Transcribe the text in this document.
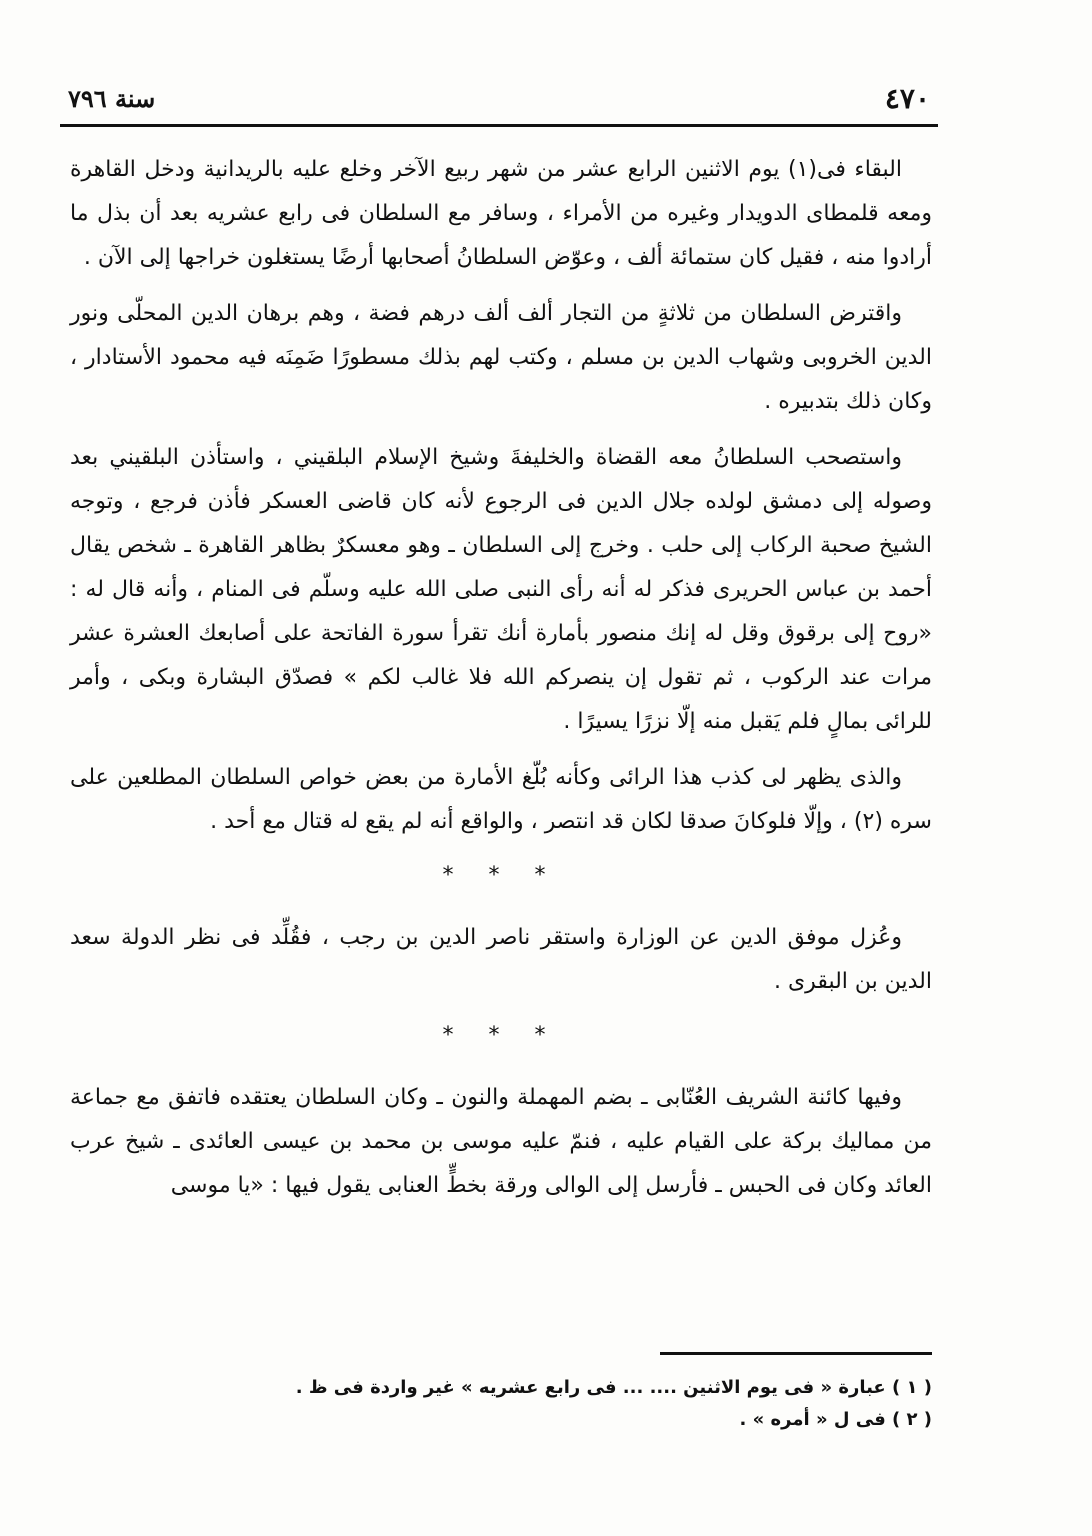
٤٧٠
سنة ٧٩٦

البقاء فى(١) يوم الاثنين الرابع عشر من شهر ربيع الآخر وخلع عليه بالريدانية ودخل القاهرة ومعه قلمطاى الدويدار وغيره من الأمراء ، وسافر مع السلطان فى رابع عشريه بعد أن بذل ما أرادوا منه ، فقيل كان ستمائة ألف ، وعوّض السلطانُ أصحابها أرضًا يستغلون خراجها إلى الآن .

واقترض السلطان من ثلاثةٍ من التجار ألف ألف درهم فضة ، وهم برهان الدين المحلّى ونور الدين الخروبى وشهاب الدين بن مسلم ، وكتب لهم بذلك مسطورًا ضَمِنَه فيه محمود الأستادار ، وكان ذلك بتدبيره .

واستصحب السلطانُ معه القضاة والخليفةَ وشيخ الإسلام البلقيني ، واستأذن البلقيني بعد وصوله إلى دمشق لولده جلال الدين فى الرجوع لأنه كان قاضى العسكر فأذن فرجع ، وتوجه الشيخ صحبة الركاب إلى حلب . وخرج إلى السلطان ـ وهو معسكرٌ بظاهر القاهرة ـ شخص يقال أحمد بن عباس الحريرى فذكر له أنه رأى النبى صلى الله عليه وسلّم فى المنام ، وأنه قال له : «روح إلى برقوق وقل له إنك منصور بأمارة أنك تقرأ سورة الفاتحة على أصابعك العشرة عشر مرات عند الركوب ، ثم تقول إن ينصركم الله فلا غالب لكم » فصدّق البشارة وبكى ، وأمر للرائى بمالٍ فلم يَقبل منه إلّا نزرًا يسيرًا .

والذى يظهر لى كذب هذا الرائى وكأنه بُلّغ الأمارة من بعض خواص السلطان المطلعين على سره (٢) ، وإلّا فلوكانَ صدقا لكان قد انتصر ، والواقع أنه لم يقع له قتال مع أحد .

* * *

وعُزل موفق الدين عن الوزارة واستقر ناصر الدين بن رجب ، فقُلِّد فى نظر الدولة سعد الدين بن البقرى .

* * *

وفيها كائنة الشريف العُنّابى ـ بضم المهملة والنون ـ وكان السلطان يعتقده فاتفق مع جماعة من مماليك بركة على القيام عليه ، فنمّ عليه موسى بن محمد بن عيسى العائدى ـ شيخ عرب العائد وكان فى الحبس ـ فأرسل إلى الوالى ورقة بخطٍّ العنابى يقول فيها : «يا موسى

( ١ ) عبارة « فى يوم الاثنين .... ... فى رابع عشريه » غير واردة فى ظ .

( ٢ ) فى ل « أمره » .
